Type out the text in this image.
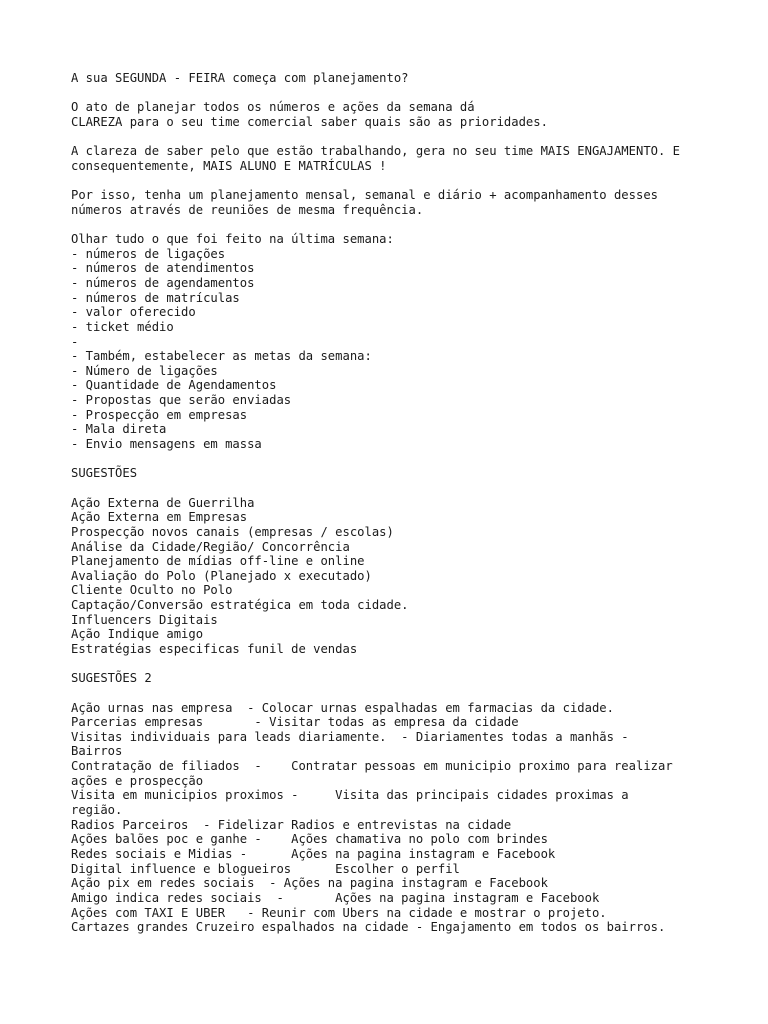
A sua SEGUNDA - FEIRA começa com planejamento?

O ato de planejar todos os números e ações da semana dá
CLAREZA para o seu time comercial saber quais são as prioridades.

A clareza de saber pelo que estão trabalhando, gera no seu time MAIS ENGAJAMENTO. E
consequentemente, MAIS ALUNO E MATRÍCULAS !

Por isso, tenha um planejamento mensal, semanal e diário + acompanhamento desses
números através de reuniões de mesma frequência.

Olhar tudo o que foi feito na última semana:
- números de ligações
- números de atendimentos
- números de agendamentos
- números de matrículas
- valor oferecido
- ticket médio
-
- Também, estabelecer as metas da semana:
- Número de ligações
- Quantidade de Agendamentos
- Propostas que serão enviadas
- Prospecção em empresas
- Mala direta
- Envio mensagens em massa

SUGESTÕES

Ação Externa de Guerrilha
Ação Externa em Empresas
Prospecção novos canais (empresas / escolas)
Análise da Cidade/Região/ Concorrência
Planejamento de mídias off-line e online
Avaliação do Polo (Planejado x executado)
Cliente Oculto no Polo
Captação/Conversão estratégica em toda cidade.
Influencers Digitais
Ação Indique amigo
Estratégias especificas funil de vendas

SUGESTÕES 2

Ação urnas nas empresa  - Colocar urnas espalhadas em farmacias da cidade.
Parcerias empresas       - Visitar todas as empresa da cidade
Visitas individuais para leads diariamente.  - Diariamentes todas a manhãs -
Bairros
Contratação de filiados  -    Contratar pessoas em municipio proximo para realizar
ações e prospecção
Visita em municipios proximos -     Visita das principais cidades proximas a
região.
Radios Parceiros  - Fidelizar Radios e entrevistas na cidade
Ações balões poc e ganhe -    Ações chamativa no polo com brindes
Redes sociais e Midias -      Ações na pagina instagram e Facebook
Digital influence e blogueiros      Escolher o perfil
Ação pix em redes sociais  - Ações na pagina instagram e Facebook
Amigo indica redes sociais  -       Ações na pagina instagram e Facebook
Ações com TAXI E UBER   - Reunir com Ubers na cidade e mostrar o projeto.
Cartazes grandes Cruzeiro espalhados na cidade - Engajamento em todos os bairros.
